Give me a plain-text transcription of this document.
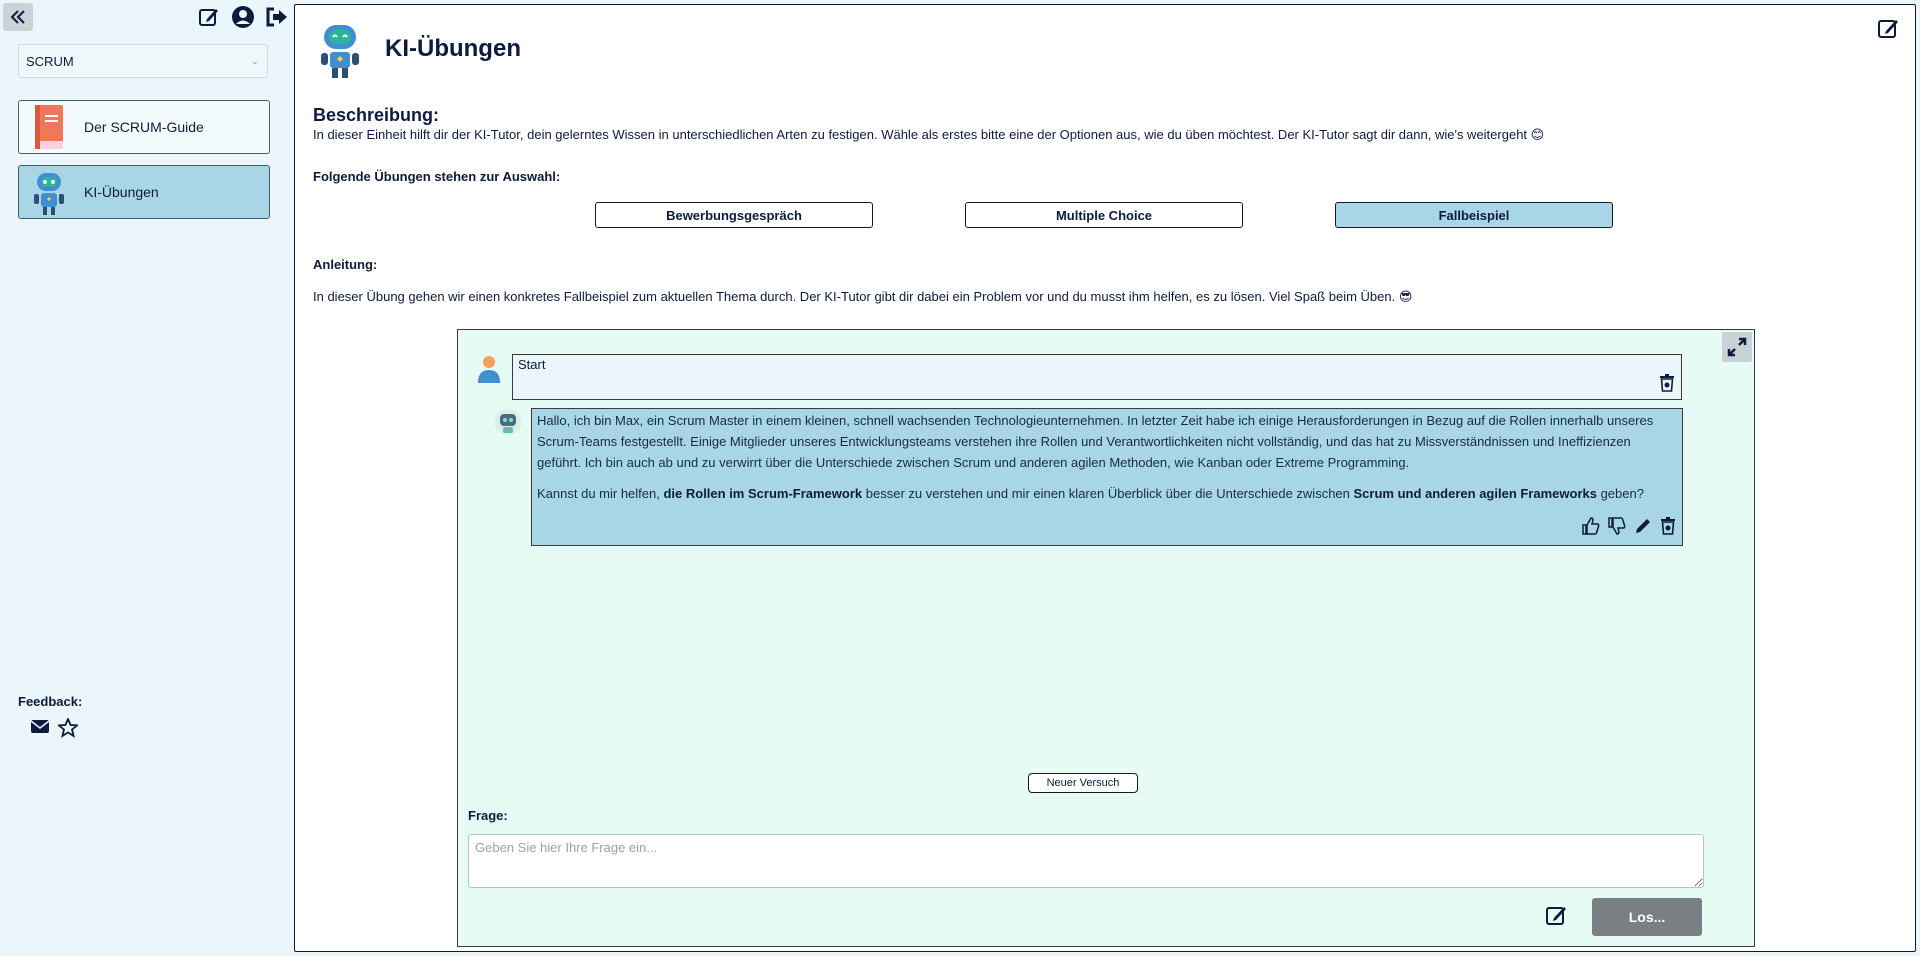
SCRUM	⌄
Der SCRUM-Guide
KI-Übungen
Feedback:
KI-Übungen
Beschreibung:
In dieser Einheit hilft dir der KI-Tutor, dein gelerntes Wissen in unterschiedlichen Arten zu festigen. Wähle als erstes bitte eine der Optionen aus, wie du üben möchtest. Der KI-Tutor sagt dir dann, wie's weitergeht 😊
Folgende Übungen stehen zur Auswahl:
Bewerbungsgespräch	Multiple Choice	Fallbeispiel
Anleitung:
In dieser Übung gehen wir einen konkretes Fallbeispiel zum aktuellen Thema durch. Der KI-Tutor gibt dir dabei ein Problem vor und du musst ihm helfen, es zu lösen. Viel Spaß beim Üben. 😎
Start

Hallo, ich bin Max, ein Scrum Master in einem kleinen, schnell wachsenden Technologieunternehmen. In letzter Zeit habe ich einige Herausforderungen in Bezug auf die Rollen innerhalb unseres Scrum-Teams festgestellt. Einige Mitglieder unseres Entwicklungsteams verstehen ihre Rollen und Verantwortlichkeiten nicht vollständig, und das hat zu Missverständnissen und Ineffizienzen geführt. Ich bin auch ab und zu verwirrt über die Unterschiede zwischen Scrum und anderen agilen Methoden, wie Kanban oder Extreme Programming.

Kannst du mir helfen, die Rollen im Scrum-Framework besser zu verstehen und mir einen klaren Überblick über die Unterschiede zwischen Scrum und anderen agilen Frameworks geben?

Neuer Versuch
Frage:
Geben Sie hier Ihre Frage ein...
Los...
